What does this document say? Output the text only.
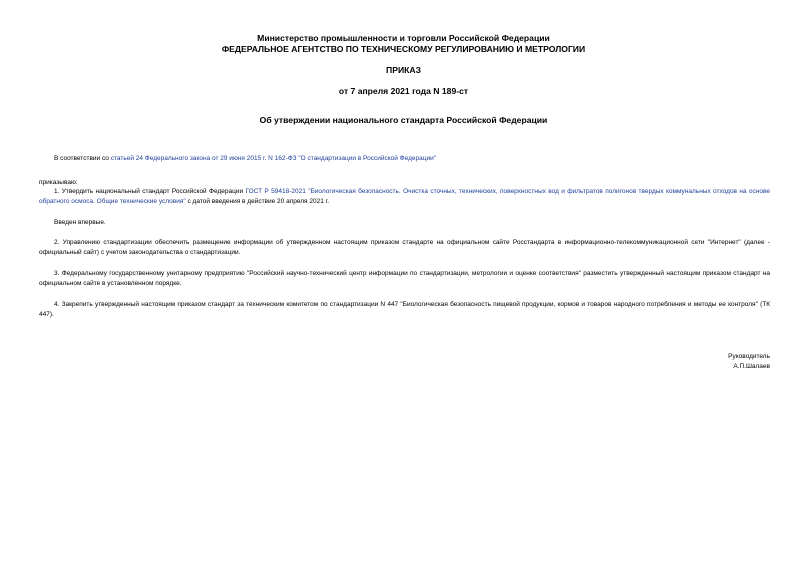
Министерство промышленности и торговли Российской Федерации
ФЕДЕРАЛЬНОЕ АГЕНТСТВО ПО ТЕХНИЧЕСКОМУ РЕГУЛИРОВАНИЮ И МЕТРОЛОГИИ
ПРИКАЗ
от 7 апреля 2021 года N 189-ст
Об утверждении национального стандарта Российской Федерации
В соответствии со статьей 24 Федерального закона от 29 июня 2015 г. N 162-ФЗ "О стандартизации в Российской Федерации"
приказываю:
1. Утвердить национальный стандарт Российской Федерации ГОСТ Р 59418-2021 "Биологическая безопасность. Очистка сточных, технических, поверхностных вод и фильтратов полигонов твердых коммунальных отходов на основе обратного осмоса. Общие технические условия" с датой введения в действие 20 апреля 2021 г.
Введен впервые.
2. Управлению стандартизации обеспечить размещение информации об утвержденном настоящим приказом стандарте на официальном сайте Росстандарта в информационно-телекоммуникационной сети "Интернет" (далее - официальный сайт) с учетом законодательства о стандартизации.
3. Федеральному государственному унитарному предприятию "Российский научно-технический центр информации по стандартизации, метрологии и оценке соответствия" разместить утвержденный настоящим приказом стандарт на официальном сайте в установленном порядке.
4. Закрепить утвержденный настоящим приказом стандарт за техническим комитетом по стандартизации N 447 "Биологическая безопасность пищевой продукции, кормов и товаров народного потребления и методы ее контроля" (ТК 447).
Руководитель
А.П.Шалаев
